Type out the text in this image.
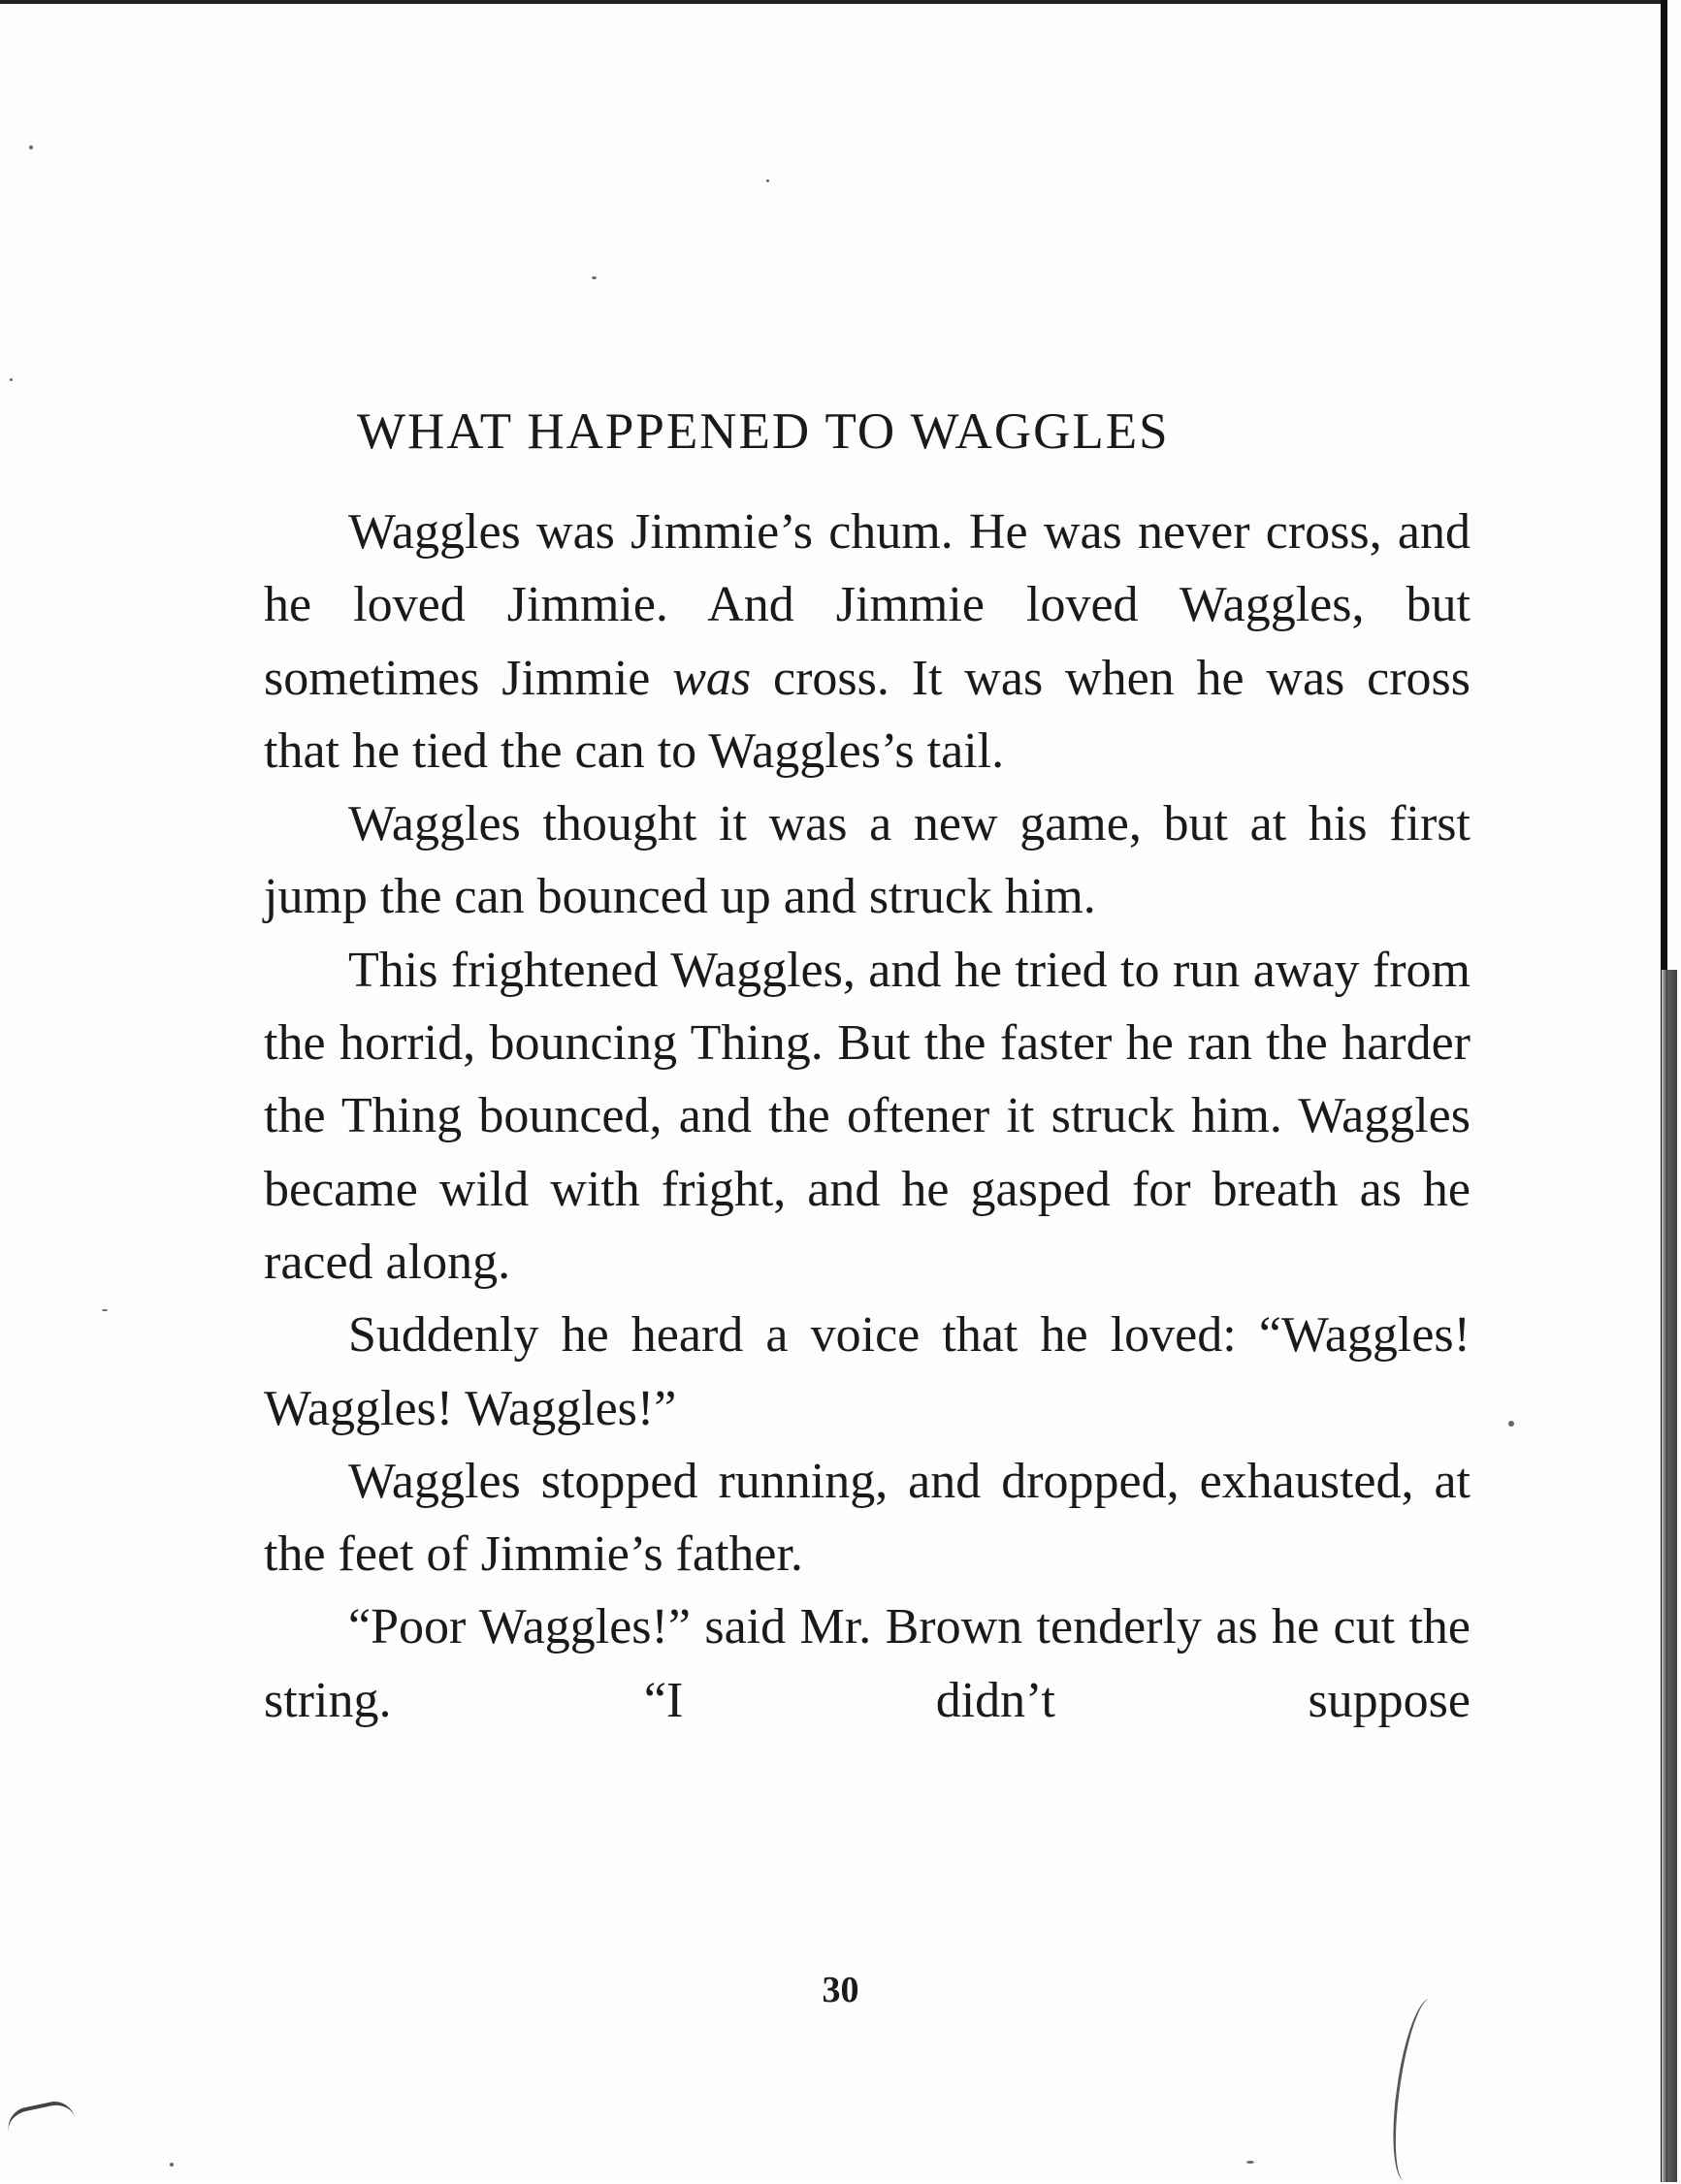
WHAT HAPPENED TO WAGGLES

Waggles was Jimmie’s chum. He was never cross, and he loved Jimmie. And Jimmie loved Waggles, but sometimes Jimmie was cross. It was when he was cross that he tied the can to Waggles’s tail.

Waggles thought it was a new game, but at his first jump the can bounced up and struck him.

This frightened Waggles, and he tried to run away from the horrid, bouncing Thing. But the faster he ran the harder the Thing bounced, and the oftener it struck him. Waggles became wild with fright, and he gasped for breath as he raced along.

Suddenly he heard a voice that he loved: “Waggles! Waggles! Waggles!”

Waggles stopped running, and dropped, exhausted, at the feet of Jimmie’s father.

“Poor Waggles!” said Mr. Brown tenderly as he cut the string. “I didn’t suppose

30
